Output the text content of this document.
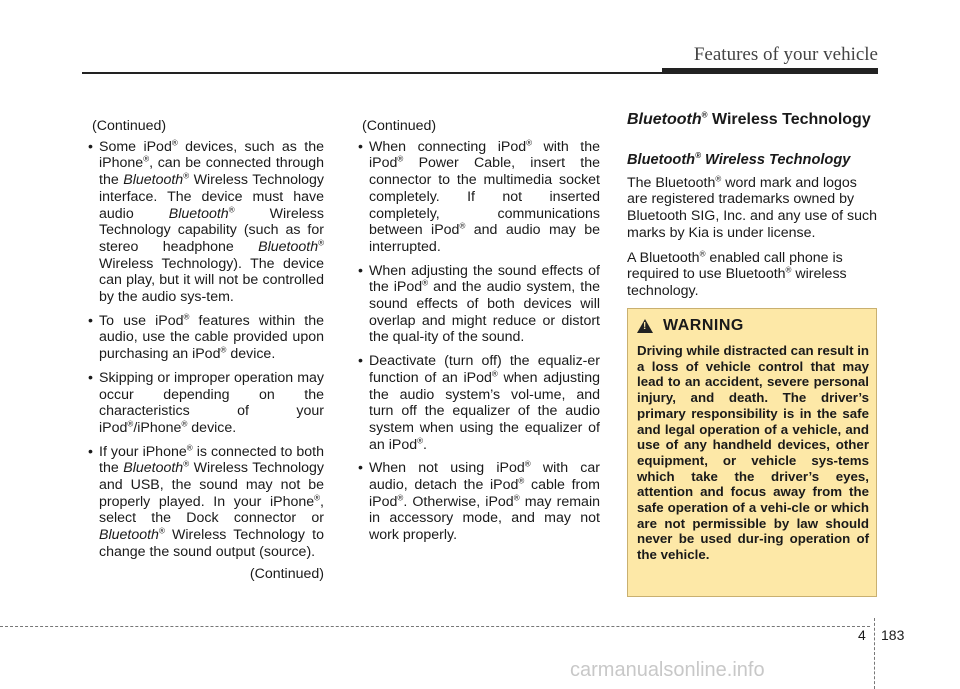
Features of your vehicle
(Continued)
• Some iPod® devices, such as the iPhone®, can be connected through the Bluetooth® Wireless Technology interface. The device must have audio Bluetooth® Wireless Technology capability (such as for stereo headphone Bluetooth® Wireless Technology). The device can play, but it will not be controlled by the audio sys-tem.
• To use iPod® features within the audio, use the cable provided upon purchasing an iPod® device.
• Skipping or improper operation may occur depending on the characteristics of your iPod®/iPhone® device.
• If your iPhone® is connected to both the Bluetooth® Wireless Technology and USB, the sound may not be properly played. In your iPhone®, select the Dock connector or Bluetooth® Wireless Technology to change the sound output (source).
(Continued)
(Continued)
• When connecting iPod® with the iPod® Power Cable, insert the connector to the multimedia socket completely. If not inserted completely, communications between iPod® and audio may be interrupted.
• When adjusting the sound effects of the iPod® and the audio system, the sound effects of both devices will overlap and might reduce or distort the qual-ity of the sound.
• Deactivate (turn off) the equaliz-er function of an iPod® when adjusting the audio system’s vol-ume, and turn off the equalizer of the audio system when using the equalizer of an iPod®.
• When not using iPod® with car audio, detach the iPod® cable from iPod®. Otherwise, iPod® may remain in accessory mode, and may not work properly.
Bluetooth® Wireless Technology
Bluetooth® Wireless Technology
The Bluetooth® word mark and logos are registered trademarks owned by Bluetooth SIG, Inc. and any use of such marks by Kia is under license.
A Bluetooth® enabled call phone is required to use Bluetooth® wireless technology.
! WARNING
Driving while distracted can result in a loss of vehicle control that may lead to an accident, severe personal injury, and death. The driver’s primary responsibility is in the safe and legal operation of a vehicle, and use of any handheld devices, other equipment, or vehicle sys-tems which take the driver’s eyes, attention and focus away from the safe operation of a vehi-cle or which are not permissible by law should never be used dur-ing operation of the vehicle.
4 183
carmanualsonline.info
